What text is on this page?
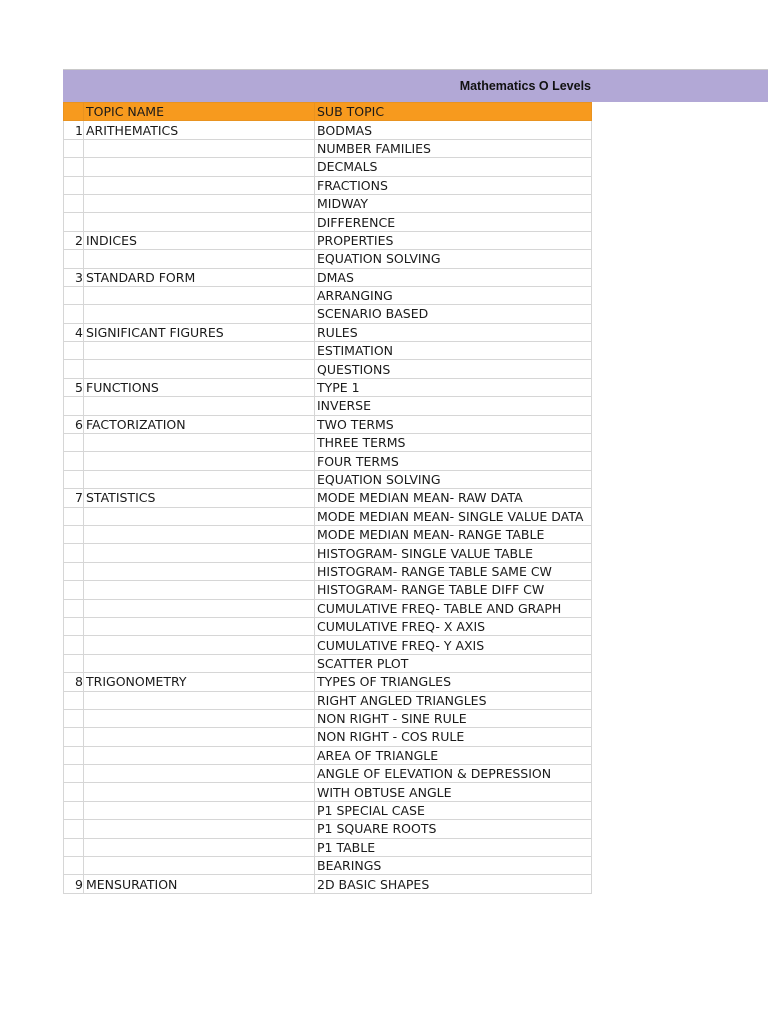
Mathematics O Levels
	TOPIC NAME	SUB TOPIC
1	ARITHEMATICS	BODMAS
		NUMBER FAMILIES
		DECMALS
		FRACTIONS
		MIDWAY
		DIFFERENCE
2	INDICES	PROPERTIES
		EQUATION SOLVING
3	STANDARD FORM	DMAS
		ARRANGING
		SCENARIO BASED
4	SIGNIFICANT FIGURES	RULES
		ESTIMATION
		QUESTIONS
5	FUNCTIONS	TYPE 1
		INVERSE
6	FACTORIZATION	TWO TERMS
		THREE TERMS
		FOUR TERMS
		EQUATION SOLVING
7	STATISTICS	MODE MEDIAN MEAN- RAW DATA
		MODE MEDIAN MEAN- SINGLE VALUE DATA
		MODE MEDIAN MEAN- RANGE TABLE
		HISTOGRAM- SINGLE VALUE TABLE
		HISTOGRAM- RANGE TABLE SAME CW
		HISTOGRAM- RANGE TABLE DIFF CW
		CUMULATIVE FREQ- TABLE AND GRAPH
		CUMULATIVE FREQ- X AXIS
		CUMULATIVE FREQ- Y AXIS
		SCATTER PLOT
8	TRIGONOMETRY	TYPES OF TRIANGLES
		RIGHT ANGLED TRIANGLES
		NON RIGHT - SINE RULE
		NON RIGHT - COS RULE
		AREA OF TRIANGLE
		ANGLE OF ELEVATION & DEPRESSION
		WITH OBTUSE ANGLE
		P1 SPECIAL CASE
		P1 SQUARE ROOTS
		P1 TABLE
		BEARINGS
9	MENSURATION	2D BASIC SHAPES
